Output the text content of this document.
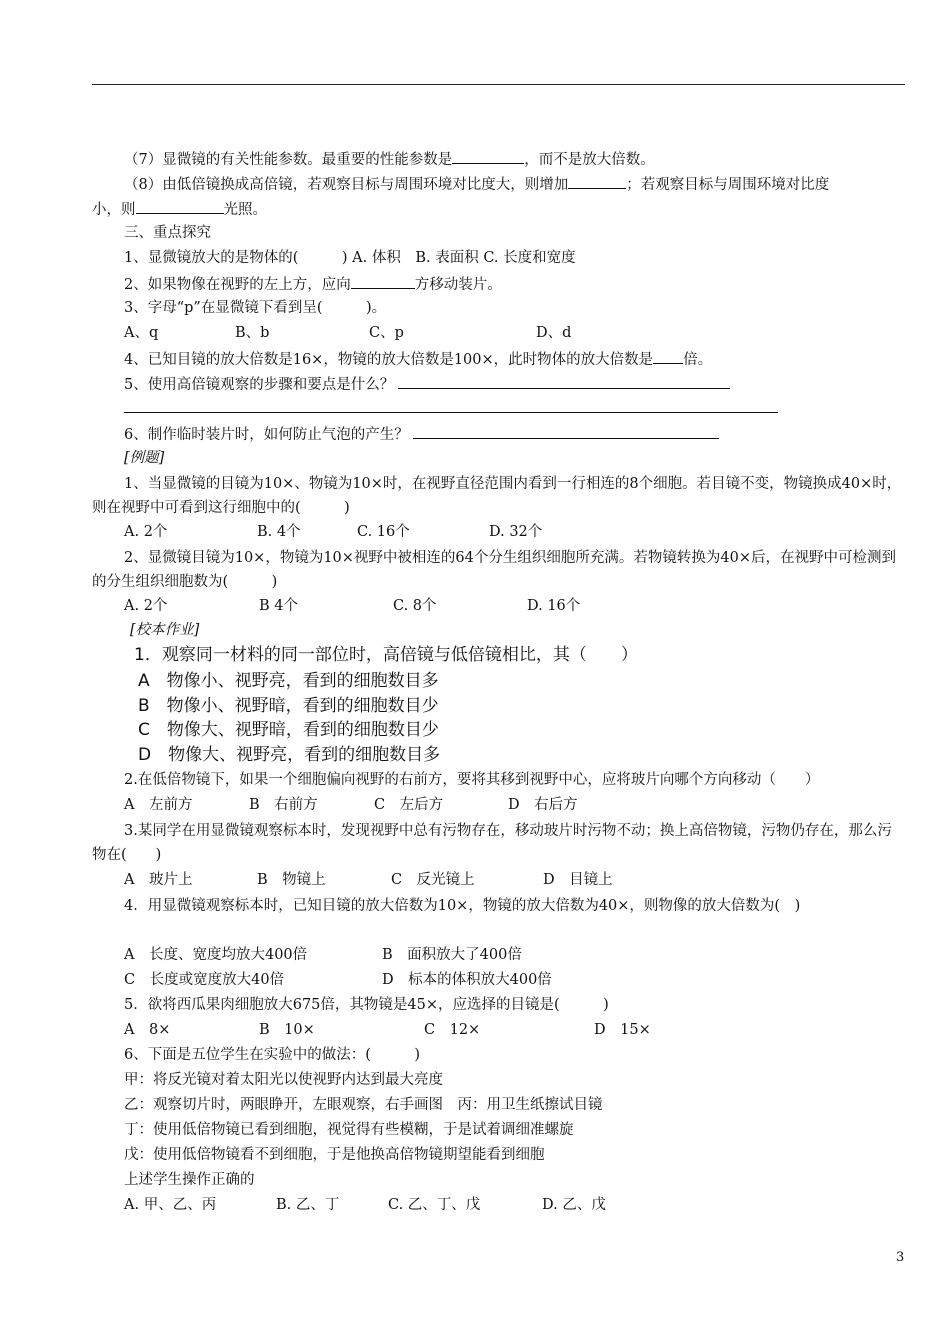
（7）显微镜的有关性能参数。最重要的性能参数是	，而不是放大倍数。
（8）由低倍镜换成高倍镜，若观察目标与周围环境对比度大，则增加	；若观察目标与周围环境对比度
小，则	光照。
三、重点探究
1、显微镜放大的是物体的(　　　) A. 体积　B. 表面积 C. 长度和宽度
2、如果物像在视野的左上方，应向	方移动装片。
3、字母“p”在显微镜下看到呈(　　　)。
A、q	B、b	C、p	D、d
4、已知目镜的放大倍数是16×，物镜的放大倍数是100×，此时物体的放大倍数是 倍。
5、使用高倍镜观察的步骤和要点是什么？
6、制作临时装片时，如何防止气泡的产生？
[例题]
1、当显微镜的目镜为10×、物镜为10×时，在视野直径范围内看到一行相连的8个细胞。若目镜不变，物镜换成40×时，则在视野中可看到这行细胞中的(　　　)
A. 2个	B. 4个	C. 16个	D. 32个
2、显微镜目镜为10×，物镜为10×视野中被相连的64个分生组织细胞所充满。若物镜转换为40×后，在视野中可检测到的分生组织细胞数为(　　　)
A. 2个	B 4个	C. 8个	D. 16个
[校本作业]
1．观察同一材料的同一部位时，高倍镜与低倍镜相比，其（　　）
A　物像小、视野亮，看到的细胞数目多
B　物像小、视野暗，看到的细胞数目少
C　物像大、视野暗，看到的细胞数目少
D　物像大、视野亮，看到的细胞数目多
2.在低倍物镜下，如果一个细胞偏向视野的右前方，要将其移到视野中心，应将玻片向哪个方向移动（　　）
A　左前方	B　右前方	C　左后方	D　右后方
3.某同学在用显微镜观察标本时，发现视野中总有污物存在，移动玻片时污物不动；换上高倍物镜，污物仍存在，那么污物在(　　)
A　玻片上	B　物镜上	C　反光镜上	D　目镜上
4．用显微镜观察标本时，已知目镜的放大倍数为10×，物镜的放大倍数为40×，则物像的放大倍数为(　)
A　长度、宽度均放大400倍	B　面积放大了400倍
C　长度或宽度放大40倍	D　标本的体积放大400倍
5．欲将西瓜果肉细胞放大675倍，其物镜是45×，应选择的目镜是(　　　)
A　8×	B　10×	C　12×	D　15×
6、下面是五位学生在实验中的做法：(　　　)
甲：将反光镜对着太阳光以使视野内达到最大亮度
乙：观察切片时，两眼睁开，左眼观察，右手画图　丙：用卫生纸擦试目镜
丁：使用低倍物镜已看到细胞，视觉得有些模糊，于是试着调细准螺旋
戊：使用低倍物镜看不到细胞，于是他换高倍物镜期望能看到细胞
上述学生操作正确的
A. 甲、乙、丙	B. 乙、丁	C. 乙、丁、戊	D. 乙、戊
3
